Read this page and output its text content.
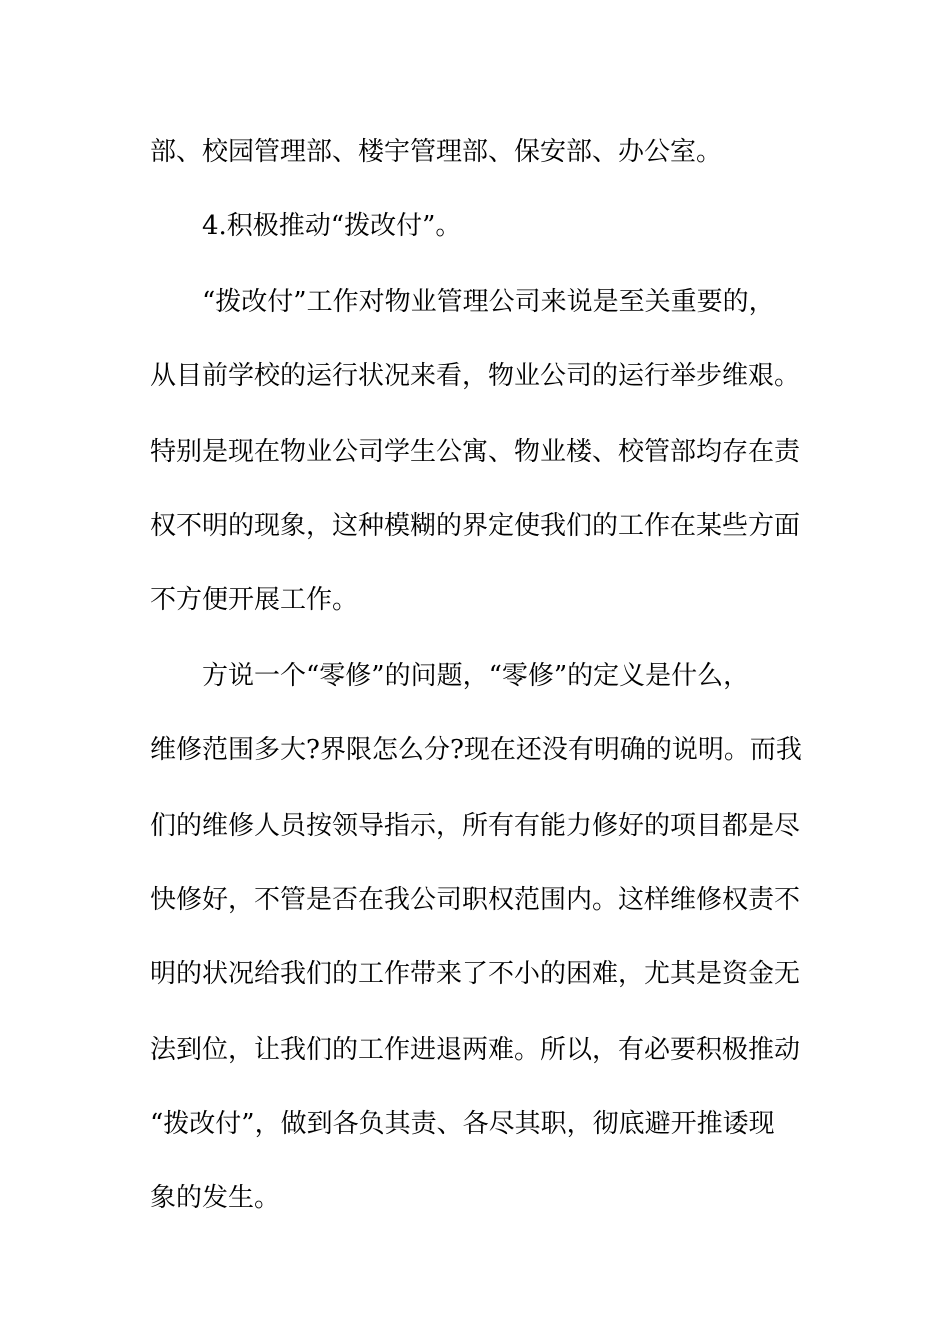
部、校园管理部、楼宇管理部、保安部、办公室。
4.积极推动“拨改付”。
“拨改付”工作对物业管理公司来说是至关重要的，
从目前学校的运行状况来看，物业公司的运行举步维艰。
特别是现在物业公司学生公寓、物业楼、校管部均存在责
权不明的现象，这种模糊的界定使我们的工作在某些方面
不方便开展工作。
方说一个“零修”的问题，“零修”的定义是什么，
维修范围多大?界限怎么分?现在还没有明确的说明。而我
们的维修人员按领导指示，所有有能力修好的项目都是尽
快修好，不管是否在我公司职权范围内。这样维修权责不
明的状况给我们的工作带来了不小的困难，尤其是资金无
法到位，让我们的工作进退两难。所以，有必要积极推动
“拨改付”，做到各负其责、各尽其职，彻底避开推诿现
象的发生。
